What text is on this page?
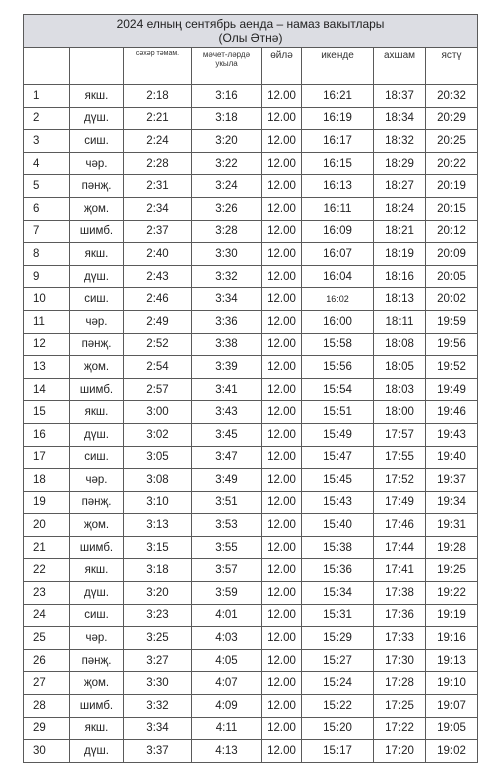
2024 елның сентябрь аенда – намаз вакытлары
(Олы Әтнә)							

		сәхәр тәмам.	мәчет-ләрдә укыла	өйлә	икенде	ахшам	ястү
1	якш.	2:18	3:16	12.00	16:21	18:37	20:32
2	дүш.	2:21	3:18	12.00	16:19	18:34	20:29
3	сиш.	2:24	3:20	12.00	16:17	18:32	20:25
4	чәр.	2:28	3:22	12.00	16:15	18:29	20:22
5	пәнҗ.	2:31	3:24	12.00	16:13	18:27	20:19
6	җом.	2:34	3:26	12.00	16:11	18:24	20:15
7	шимб.	2:37	3:28	12.00	16:09	18:21	20:12
8	якш.	2:40	3:30	12.00	16:07	18:19	20:09
9	дүш.	2:43	3:32	12.00	16:04	18:16	20:05
10	сиш.	2:46	3:34	12.00	16:02	18:13	20:02
11	чәр.	2:49	3:36	12.00	16:00	18:11	19:59
12	пәнҗ.	2:52	3:38	12.00	15:58	18:08	19:56
13	җом.	2:54	3:39	12.00	15:56	18:05	19:52
14	шимб.	2:57	3:41	12.00	15:54	18:03	19:49
15	якш.	3:00	3:43	12.00	15:51	18:00	19:46
16	дүш.	3:02	3:45	12.00	15:49	17:57	19:43
17	сиш.	3:05	3:47	12.00	15:47	17:55	19:40
18	чәр.	3:08	3:49	12.00	15:45	17:52	19:37
19	пәнҗ.	3:10	3:51	12.00	15:43	17:49	19:34
20	җом.	3:13	3:53	12.00	15:40	17:46	19:31
21	шимб.	3:15	3:55	12.00	15:38	17:44	19:28
22	якш.	3:18	3:57	12.00	15:36	17:41	19:25
23	дүш.	3:20	3:59	12.00	15:34	17:38	19:22
24	сиш.	3:23	4:01	12.00	15:31	17:36	19:19
25	чәр.	3:25	4:03	12.00	15:29	17:33	19:16
26	пәнҗ.	3:27	4:05	12.00	15:27	17:30	19:13
27	җом.	3:30	4:07	12.00	15:24	17:28	19:10
28	шимб.	3:32	4:09	12.00	15:22	17:25	19:07
29	якш.	3:34	4:11	12.00	15:20	17:22	19:05
30	дүш.	3:37	4:13	12.00	15:17	17:20	19:02
